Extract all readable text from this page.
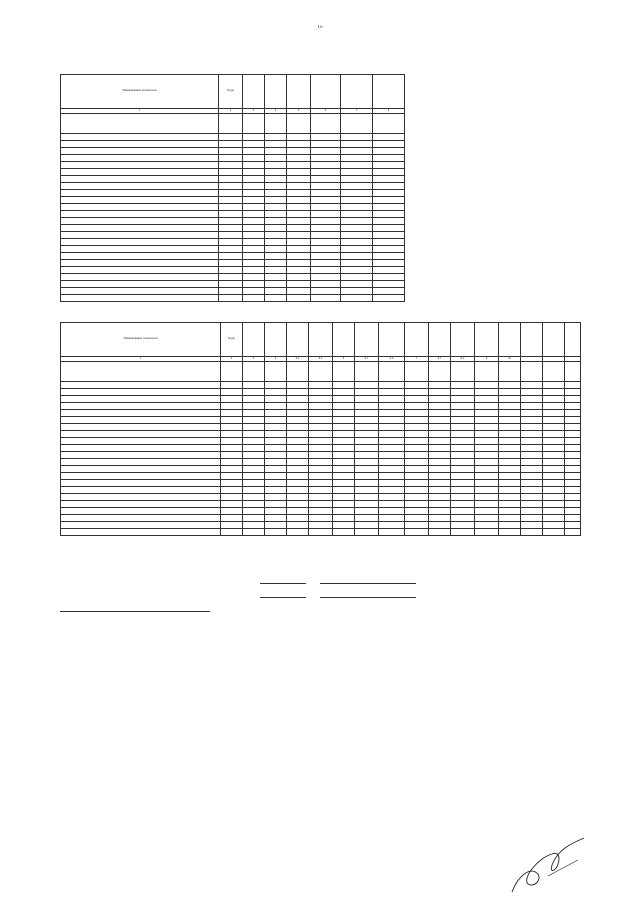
10
Наименование показателя	Коды						
1	2	3	4	5	6	7	8

Наименование показателя	Коды															
1	2	3	4	4.1	4.2	5	6.1	6.2	7	8.1	8.2	9	10			
